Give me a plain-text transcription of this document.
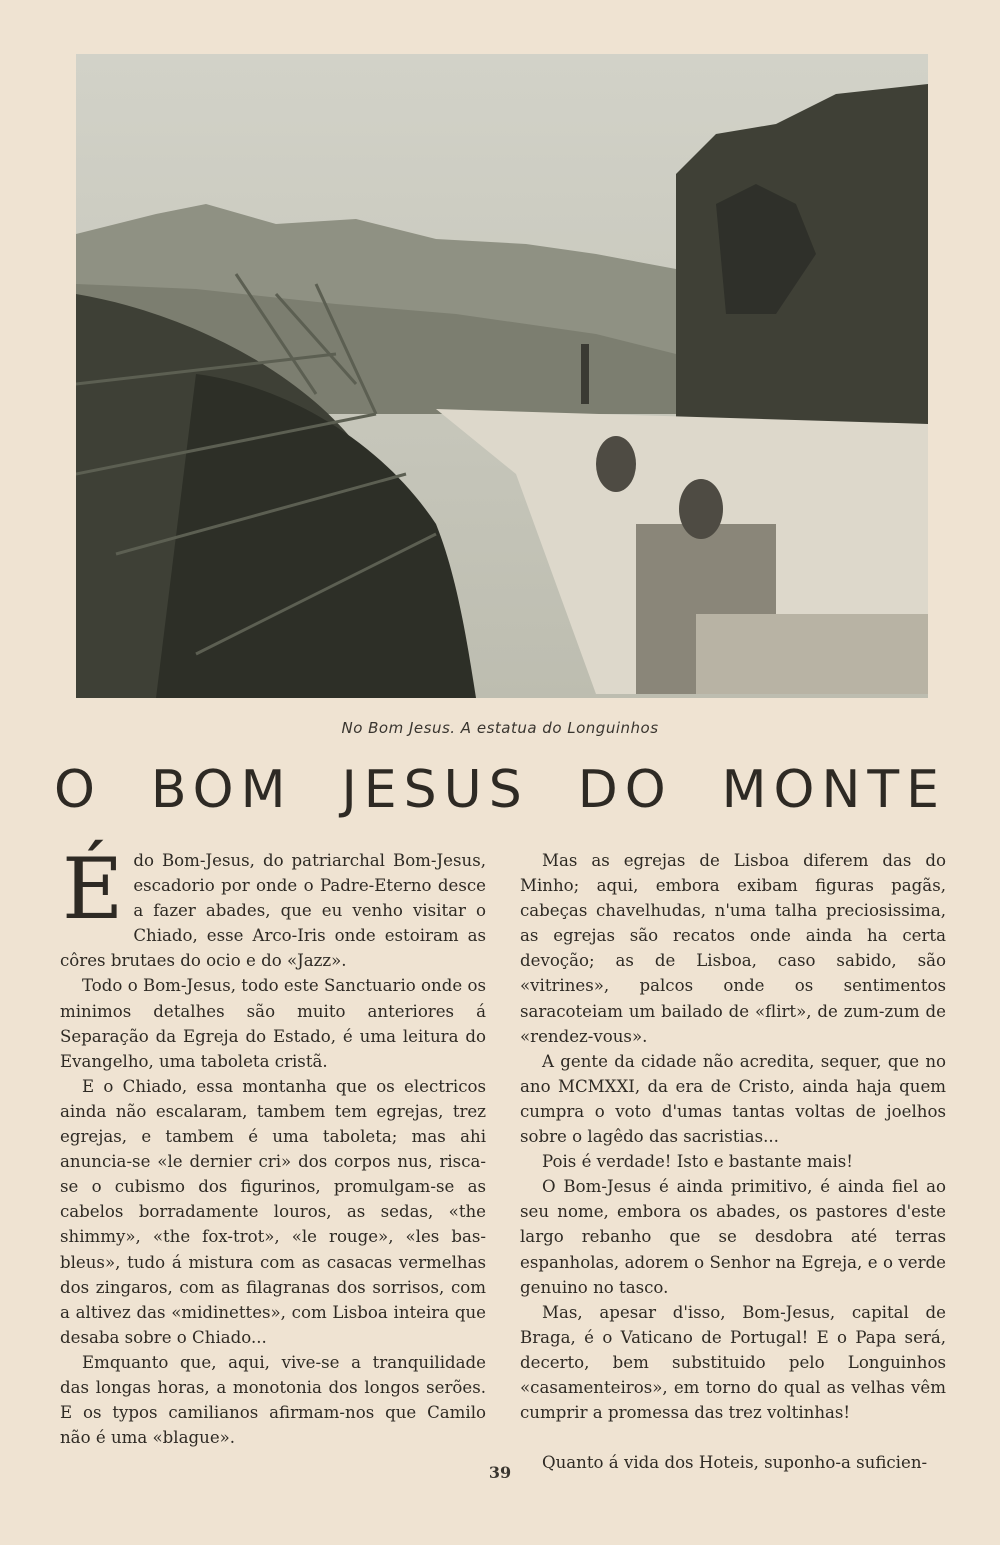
No Bom Jesus. A estatua do Longuinhos
O BOM JESUS DO MONTE

É do Bom-Jesus, do patriarchal Bom-Jesus, escadorio por onde o Padre-Eterno desce a fazer abades, que eu venho visitar o Chiado, esse Arco-Iris onde estoiram as côres brutaes do ocio e do «Jazz».

Todo o Bom-Jesus, todo este Sanctuario onde os minimos detalhes são muito anteriores á Separação da Egreja do Estado, é uma leitura do Evangelho, uma taboleta cristã.

E o Chiado, essa montanha que os electricos ainda não escalaram, tambem tem egrejas, trez egrejas, e tambem é uma taboleta; mas ahi anuncia-se «le dernier cri» dos corpos nus, risca-se o cubismo dos figurinos, promulgam-se as cabelos borradamente louros, as sedas, «the shimmy», «the fox-trot», «le rouge», «les bas-bleus», tudo á mistura com as casacas vermelhas dos zingaros, com as filagranas dos sorrisos, com a altivez das «midinettes», com Lisboa inteira que desaba sobre o Chiado...

Emquanto que, aqui, vive-se a tranquilidade das longas horas, a monotonia dos longos serões. E os typos camilianos afirmam-nos que Camilo não é uma «blague».

Mas as egrejas de Lisboa diferem das do Minho; aqui, embora exibam figuras pagãs, cabeças chavelhudas, n'uma talha preciosissima, as egrejas são recatos onde ainda ha certa devoção; as de Lisboa, caso sabido, são «vitrines», palcos onde os sentimentos saracoteiam um bailado de «flirt», de zum-zum de «rendez-vous».

A gente da cidade não acredita, sequer, que no ano MCMXXI, da era de Cristo, ainda haja quem cumpra o voto d'umas tantas voltas de joelhos sobre o lagêdo das sacristias...

Pois é verdade! Isto e bastante mais!

O Bom-Jesus é ainda primitivo, é ainda fiel ao seu nome, embora os abades, os pastores d'este largo rebanho que se desdobra até terras espanholas, adorem o Senhor na Egreja, e o verde genuino no tasco.

Mas, apesar d'isso, Bom-Jesus, capital de Braga, é o Vaticano de Portugal! E o Papa será, decerto, bem substituido pelo Longuinhos «casamenteiros», em torno do qual as velhas vêm cumprir a promessa das trez voltinhas!

Quanto á vida dos Hoteis, suponho-a suficien-

39
